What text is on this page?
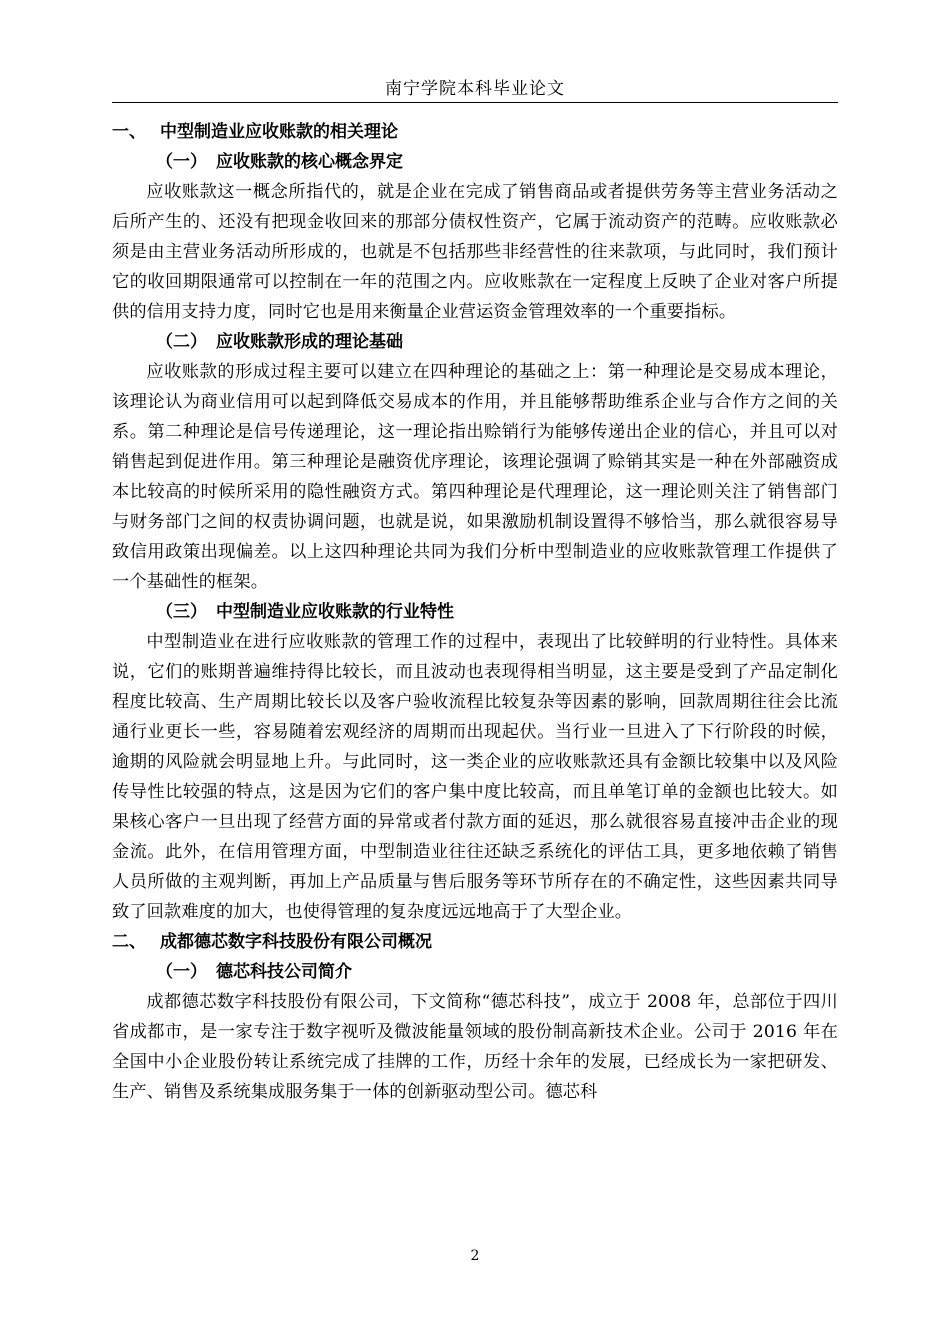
南宁学院本科毕业论文
一、 中型制造业应收账款的相关理论
（一） 应收账款的核心概念界定

应收账款这一概念所指代的，就是企业在完成了销售商品或者提供劳务等主营业务活动之后所产生的、还没有把现金收回来的那部分债权性资产，它属于流动资产的范畴。应收账款必须是由主营业务活动所形成的，也就是不包括那些非经营性的往来款项，与此同时，我们预计它的收回期限通常可以控制在一年的范围之内。应收账款在一定程度上反映了企业对客户所提供的信用支持力度，同时它也是用来衡量企业营运资金管理效率的一个重要指标。

（二） 应收账款形成的理论基础

应收账款的形成过程主要可以建立在四种理论的基础之上：第一种理论是交易成本理论，该理论认为商业信用可以起到降低交易成本的作用，并且能够帮助维系企业与合作方之间的关系。第二种理论是信号传递理论，这一理论指出赊销行为能够传递出企业的信心，并且可以对销售起到促进作用。第三种理论是融资优序理论，该理论强调了赊销其实是一种在外部融资成本比较高的时候所采用的隐性融资方式。第四种理论是代理理论，这一理论则关注了销售部门与财务部门之间的权责协调问题，也就是说，如果激励机制设置得不够恰当，那么就很容易导致信用政策出现偏差。以上这四种理论共同为我们分析中型制造业的应收账款管理工作提供了一个基础性的框架。

（三） 中型制造业应收账款的行业特性

中型制造业在进行应收账款的管理工作的过程中，表现出了比较鲜明的行业特性。具体来说，它们的账期普遍维持得比较长，而且波动也表现得相当明显，这主要是受到了产品定制化程度比较高、生产周期比较长以及客户验收流程比较复杂等因素的影响，回款周期往往会比流通行业更长一些，容易随着宏观经济的周期而出现起伏。当行业一旦进入了下行阶段的时候，逾期的风险就会明显地上升。与此同时，这一类企业的应收账款还具有金额比较集中以及风险传导性比较强的特点，这是因为它们的客户集中度比较高，而且单笔订单的金额也比较大。如果核心客户一旦出现了经营方面的异常或者付款方面的延迟，那么就很容易直接冲击企业的现金流。此外，在信用管理方面，中型制造业往往还缺乏系统化的评估工具，更多地依赖了销售人员所做的主观判断，再加上产品质量与售后服务等环节所存在的不确定性，这些因素共同导致了回款难度的加大，也使得管理的复杂度远远地高于了大型企业。

二、 成都德芯数字科技股份有限公司概况
（一） 德芯科技公司简介

成都德芯数字科技股份有限公司，下文简称“德芯科技”，成立于 2008 年，总部位于四川省成都市，是一家专注于数字视听及微波能量领域的股份制高新技术企业。公司于 2016 年在全国中小企业股份转让系统完成了挂牌的工作，历经十余年的发展，已经成长为一家把研发、生产、销售及系统集成服务集于一体的创新驱动型公司。德芯科

2
